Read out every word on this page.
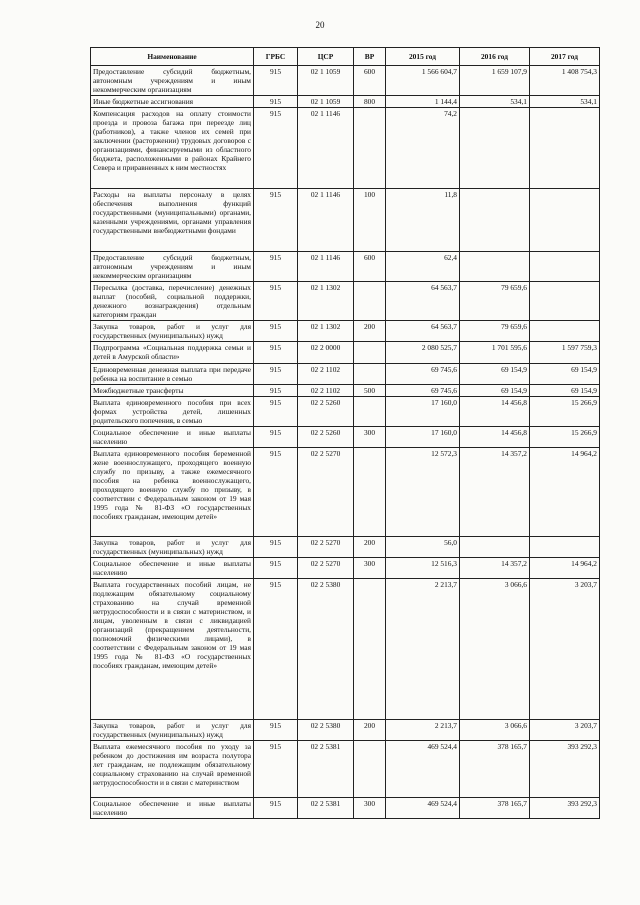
20
Наименование	ГРБС	ЦСР	ВР	2015 год	2016 год	2017 год
Предоставление субсидий бюджетным, автономным учреждениям и иным некоммерческим организациям	915	02 1 1059	600	1 566 604,7	1 659 107,9	1 408 754,3
Иные бюджетные ассигнования	915	02 1 1059	800	1 144,4	534,1	534,1
Компенсация расходов на оплату стоимости проезда и провоза багажа при переезде лиц (работников), а также членов их семей при заключении (расторжении) трудовых договоров с организациями, финансируемыми из областного бюджета, расположенными в районах Крайнего Севера и приравненных к ним местностях	915	02 1 1146		74,2		
Расходы на выплаты персоналу в целях обеспечения выполнения функций государственными (муниципальными) органами, казенными учреждениями, органами управления государственными внебюджетными фондами	915	02 1 1146	100	11,8		
Предоставление субсидий бюджетным, автономным учреждениям и иным некоммерческим организациям	915	02 1 1146	600	62,4		
Пересылка (доставка, перечисление) денежных выплат (пособий, социальной поддержки, денежного вознаграждения) отдельным категориям граждан	915	02 1 1302		64 563,7	79 659,6	
Закупка товаров, работ и услуг для государственных (муниципальных) нужд	915	02 1 1302	200	64 563,7	79 659,6	
Подпрограмма «Социальная поддержка семьи и детей в Амурской области»	915	02 2 0000		2 080 525,7	1 701 595,6	1 597 759,3
Единовременная денежная выплата при передаче ребенка на воспитание в семью	915	02 2 1102		69 745,6	69 154,9	69 154,9
Межбюджетные трансферты	915	02 2 1102	500	69 745,6	69 154,9	69 154,9
Выплата единовременного пособия при всех формах устройства детей, лишенных родительского попечения, в семью	915	02 2 5260		17 160,0	14 456,8	15 266,9
Социальное обеспечение и иные выплаты населению	915	02 2 5260	300	17 160,0	14 456,8	15 266,9
Выплата единовременного пособия беременной жене военнослужащего, проходящего военную службу по призыву, а также ежемесячного пособия на ребенка военнослужащего, проходящего военную службу по призыву, в соответствии с Федеральным законом от 19 мая 1995 года № 81-ФЗ «О государственных пособиях гражданам, имеющим детей»	915	02 2 5270		12 572,3	14 357,2	14 964,2
Закупка товаров, работ и услуг для государственных (муниципальных) нужд	915	02 2 5270	200	56,0		
Социальное обеспечение и иные выплаты населению	915	02 2 5270	300	12 516,3	14 357,2	14 964,2
Выплата государственных пособий лицам, не подлежащим обязательному социальному страхованию на случай временной нетрудоспособности и в связи с материнством, и лицам, уволенным в связи с ликвидацией организаций (прекращением деятельности, полномочий физическими лицами), в соответствии с Федеральным законом от 19 мая 1995 года № 81-ФЗ «О государственных пособиях гражданам, имеющим детей»	915	02 2 5380		2 213,7	3 066,6	3 203,7
Закупка товаров, работ и услуг для государственных (муниципальных) нужд	915	02 2 5380	200	2 213,7	3 066,6	3 203,7
Выплата ежемесячного пособия по уходу за ребенком до достижения им возраста полутора лет гражданам, не подлежащим обязательному социальному страхованию на случай временной нетрудоспособности и в связи с материнством	915	02 2 5381		469 524,4	378 165,7	393 292,3
Социальное обеспечение и иные выплаты населению	915	02 2 5381	300	469 524,4	378 165,7	393 292,3
